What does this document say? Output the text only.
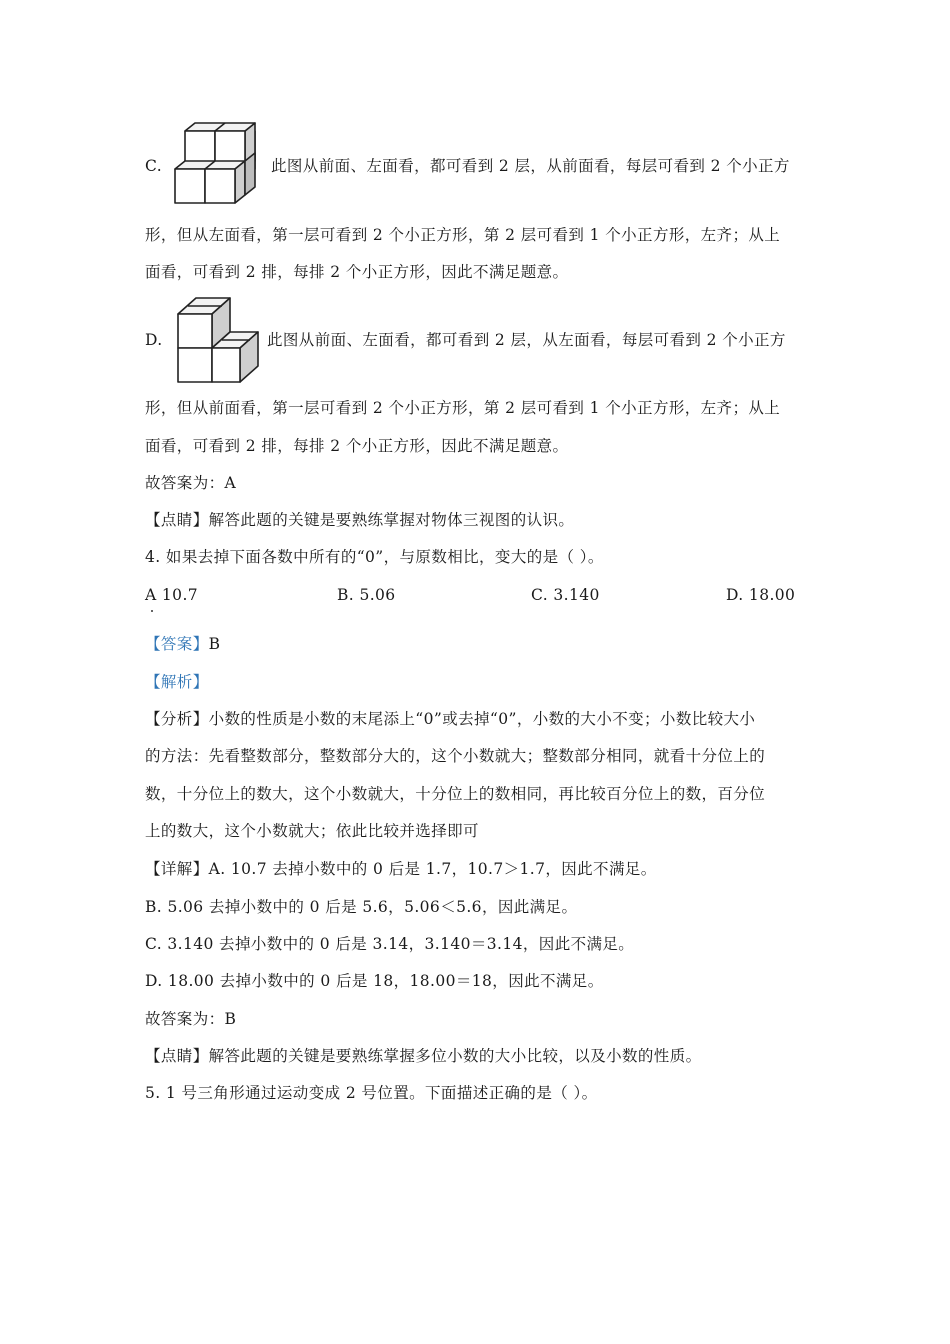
C.	此图从前面、左面看，都可看到 2 层，从前面看，每层可看到 2 个小正方
形，但从左面看，第一层可看到 2 个小正方形，第 2 层可看到 1 个小正方形，左齐；从上
面看，可看到 2 排，每排 2 个小正方形，因此不满足题意。
D.	此图从前面、左面看，都可看到 2 层，从左面看，每层可看到 2 个小正方
形，但从前面看，第一层可看到 2 个小正方形，第 2 层可看到 1 个小正方形，左齐；从上
面看，可看到 2 排，每排 2 个小正方形，因此不满足题意。
故答案为：A
【点睛】解答此题的关键是要熟练掌握对物体三视图的认识。
4. 如果去掉下面各数中所有的“0”，与原数相比，变大的是（ ）。
A 10.7	B. 5.06	C. 3.140	D. 18.00
【答案】B
【解析】
【分析】小数的性质是小数的末尾添上“0”或去掉“0”，小数的大小不变；小数比较大小
的方法：先看整数部分，整数部分大的，这个小数就大；整数部分相同，就看十分位上的
数，十分位上的数大，这个小数就大，十分位上的数相同，再比较百分位上的数，百分位
上的数大，这个小数就大；依此比较并选择即可
【详解】A. 10.7 去掉小数中的 0 后是 1.7，10.7＞1.7，因此不满足。
B. 5.06 去掉小数中的 0 后是 5.6，5.06＜5.6，因此满足。
C. 3.140 去掉小数中的 0 后是 3.14，3.140＝3.14，因此不满足。
D. 18.00 去掉小数中的 0 后是 18，18.00＝18，因此不满足。
故答案为：B
【点睛】解答此题的关键是要熟练掌握多位小数的大小比较，以及小数的性质。
5. 1 号三角形通过运动变成 2 号位置。下面描述正确的是（ ）。
